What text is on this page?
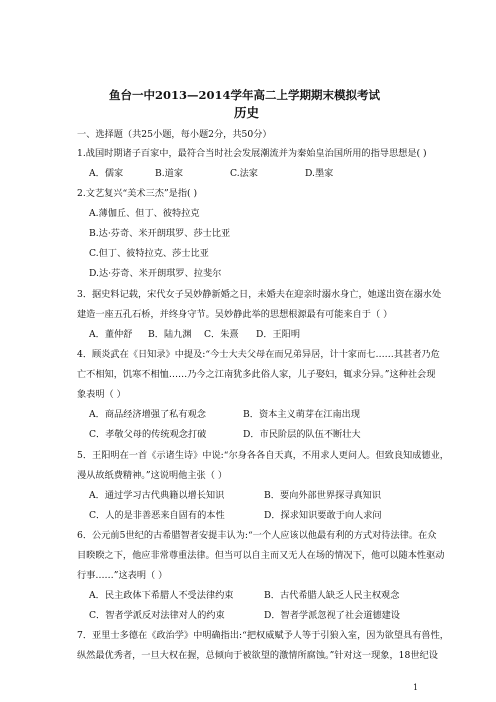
鱼台一中2013—2014学年高二上学期期末模拟考试
历史
一、选择题（共25小题，每小题2分，共50分）
1.战国时期诸子百家中，最符合当时社会发展潮流并为秦始皇治国所用的指导思想是( )
A．儒家	B.道家	C.法家	D.墨家
2.文艺复兴“美术三杰”是指( )
A.薄伽丘、但丁、彼特拉克
B.达·芬奇、米开朗琪罗、莎士比亚
C.但丁、彼特拉克、莎士比亚
D.达·芬奇、米开朗琪罗、拉斐尔
3．据史料记载，宋代女子吴妙静新婚之日，未婚夫在迎亲时溺水身亡，她遂出资在溺水处
建造一座五孔石桥，并终身守节。吴妙静此举的思想根源最有可能来自于（ ）
A．董仲舒 B．陆九渊 C．朱熹 D．王阳明
4．顾炎武在《日知录》中提及:“今士大夫父母在而兄弟异居，计十家而七……其甚者乃危
亡不相知，饥寒不相恤……乃今之江南犹多此俗人家，儿子娶妇，辄求分异。”这种社会现
象表明（ ）
A．商品经济增强了私有观念	B．资本主义萌芽在江南出现
C．孝敬父母的传统观念打破	D．市民阶层的队伍不断壮大
5．王阳明在一首《示诸生诗》中说:“尔身各各自天真，不用求人更问人。但致良知成德业，
漫从故纸费精神。”这说明他主张（ ）
A．通过学习古代典籍以增长知识	B．要向外部世界探寻真知识
C．人的是非善恶来自固有的本性	D．探求知识要敢于向人求问
6．公元前5世纪的古希腊智者安提丰认为:“一个人应该以他最有利的方式对待法律。在众
目睽睽之下，他应非常尊重法律。但当可以自主而又无人在场的情况下，他可以随本性驱动
行事……”这表明（ ）
A．民主政体下希腊人不受法律约束	B．古代希腊人缺乏人民主权观念
C．智者学派反对法律对人的约束	D．智者学派忽视了社会道德建设
7．亚里士多德在《政治学》中明确指出:“把权威赋予人等于引狼入室，因为欲望具有兽性，
纵然最优秀者，一旦大权在握，总倾向于被欲望的激情所腐蚀。”针对这一现象，18世纪设
1
